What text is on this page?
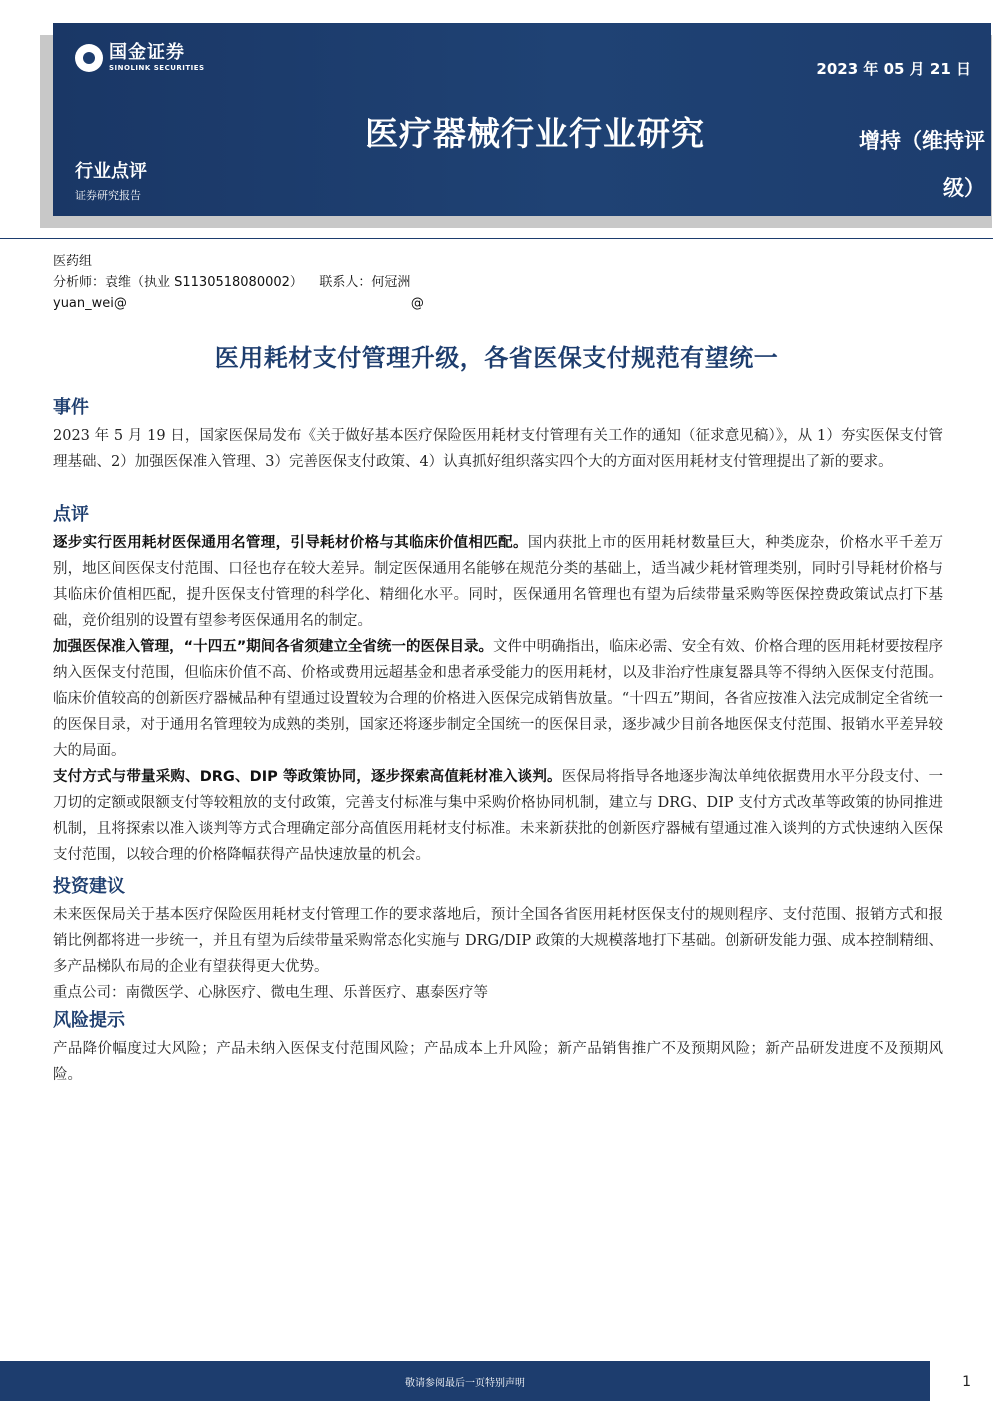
国金证券
SINOLINK SECURITIES	2023 年 05 月 21 日
医疗器械行业行业研究	增持（维持评
级）
行业点评
证券研究报告
医药组
分析师：袁维（执业 S1130518080002）    联系人：何冠洲
yuan_wei@	@
医用耗材支付管理升级，各省医保支付规范有望统一
事件

2023 年 5 月 19 日，国家医保局发布《关于做好基本医疗保险医用耗材支付管理有关工作的通知（征求意见稿）》，从 1）夯实医保支付管理基础、2）加强医保准入管理、3）完善医保支付政策、4）认真抓好组织落实四个大的方面对医用耗材支付管理提出了新的要求。

点评

逐步实行医用耗材医保通用名管理，引导耗材价格与其临床价值相匹配。国内获批上市的医用耗材数量巨大，种类庞杂，价格水平千差万别，地区间医保支付范围、口径也存在较大差异。制定医保通用名能够在规范分类的基础上，适当减少耗材管理类别，同时引导耗材价格与其临床价值相匹配，提升医保支付管理的科学化、精细化水平。同时，医保通用名管理也有望为后续带量采购等医保控费政策试点打下基础，竞价组别的设置有望参考医保通用名的制定。

加强医保准入管理，“十四五”期间各省须建立全省统一的医保目录。文件中明确指出，临床必需、安全有效、价格合理的医用耗材要按程序纳入医保支付范围，但临床价值不高、价格或费用远超基金和患者承受能力的医用耗材，以及非治疗性康复器具等不得纳入医保支付范围。临床价值较高的创新医疗器械品种有望通过设置较为合理的价格进入医保完成销售放量。“十四五”期间，各省应按准入法完成制定全省统一的医保目录，对于通用名管理较为成熟的类别，国家还将逐步制定全国统一的医保目录，逐步减少目前各地医保支付范围、报销水平差异较大的局面。

支付方式与带量采购、DRG、DIP 等政策协同，逐步探索高值耗材准入谈判。医保局将指导各地逐步淘汰单纯依据费用水平分段支付、一刀切的定额或限额支付等较粗放的支付政策，完善支付标准与集中采购价格协同机制，建立与 DRG、DIP 支付方式改革等政策的协同推进机制，且将探索以准入谈判等方式合理确定部分高值医用耗材支付标准。未来新获批的创新医疗器械有望通过准入谈判的方式快速纳入医保支付范围，以较合理的价格降幅获得产品快速放量的机会。

投资建议

未来医保局关于基本医疗保险医用耗材支付管理工作的要求落地后，预计全国各省医用耗材医保支付的规则程序、支付范围、报销方式和报销比例都将进一步统一，并且有望为后续带量采购常态化实施与 DRG/DIP 政策的大规模落地打下基础。创新研发能力强、成本控制精细、多产品梯队布局的企业有望获得更大优势。

重点公司：南微医学、心脉医疗、微电生理、乐普医疗、惠泰医疗等

风险提示

产品降价幅度过大风险；产品未纳入医保支付范围风险；产品成本上升风险；新产品销售推广不及预期风险；新产品研发进度不及预期风险。

敬请参阅最后一页特别声明	1
